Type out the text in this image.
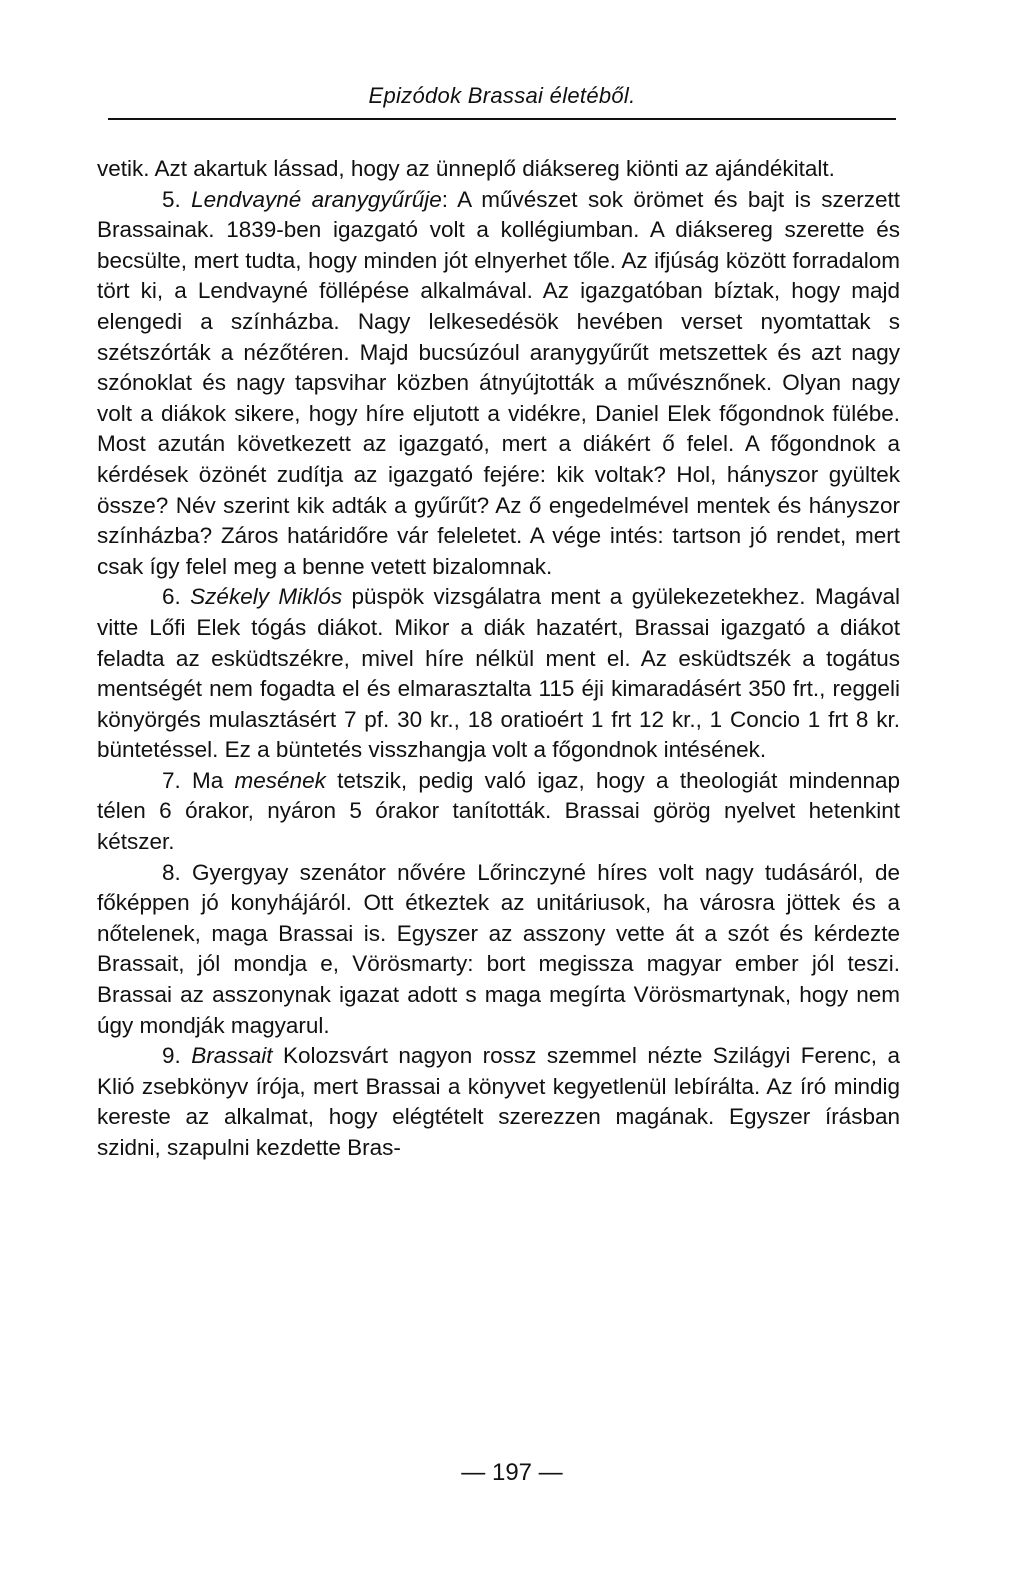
Epizódok Brassai életéből.

vetik. Azt akartuk lássad, hogy az ünneplő diáksereg kiönti az ajándékitalt.

5. Lendvayné aranygyűrűje: A művészet sok örömet és bajt is szerzett Brassainak. 1839-ben igazgató volt a kollégiumban. A diáksereg szerette és becsülte, mert tudta, hogy minden jót elnyerhet tőle. Az ifjúság között forradalom tört ki, a Lendvayné föllépése alkalmával. Az igazgatóban bíztak, hogy majd elengedi a színházba. Nagy lelkesedésök hevében verset nyomtattak s szétszórták a nézőtéren. Majd bucsúzóul aranygyűrűt metszettek és azt nagy szónoklat és nagy tapsvihar közben átnyújtották a művésznőnek. Olyan nagy volt a diákok sikere, hogy híre eljutott a vidékre, Daniel Elek főgondnok fülébe. Most azután következett az igazgató, mert a diákért ő felel. A főgondnok a kérdések özönét zudítja az igazgató fejére: kik voltak? Hol, hányszor gyültek össze? Név szerint kik adták a gyűrűt? Az ő engedelmével mentek és hányszor színházba? Záros határidőre vár feleletet. A vége intés: tartson jó rendet, mert csak így felel meg a benne vetett bizalomnak.

6. Székely Miklós püspök vizsgálatra ment a gyülekezetekhez. Magával vitte Lőfi Elek tógás diákot. Mikor a diák hazatért, Brassai igazgató a diákot feladta az esküdtszékre, mivel híre nélkül ment el. Az esküdtszék a togátus mentségét nem fogadta el és elmarasztalta 115 éji kimaradásért 350 frt., reggeli könyörgés mulasztásért 7 pf. 30 kr., 18 oratioért 1 frt 12 kr., 1 Concio 1 frt 8 kr. büntetéssel. Ez a büntetés visszhangja volt a főgondnok intésének.

7. Ma mesének tetszik, pedig való igaz, hogy a theologiát mindennap télen 6 órakor, nyáron 5 órakor tanították. Brassai görög nyelvet hetenkint kétszer.

8. Gyergyay szenátor nővére Lőrinczyné híres volt nagy tudásáról, de főképpen jó konyhájáról. Ott étkeztek az unitáriusok, ha városra jöttek és a nőtelenek, maga Brassai is. Egyszer az asszony vette át a szót és kérdezte Brassait, jól mondja e, Vörösmarty: bort megissza magyar ember jól teszi. Brassai az asszonynak igazat adott s maga megírta Vörösmartynak, hogy nem úgy mondják magyarul.

9. Brassait Kolozsvárt nagyon rossz szemmel nézte Szilágyi Ferenc, a Klió zsebkönyv írója, mert Brassai a könyvet kegyetlenül lebírálta. Az író mindig kereste az alkalmat, hogy elégtételt szerezzen magának. Egyszer írásban szidni, szapulni kezdette Bras-

— 197 —
